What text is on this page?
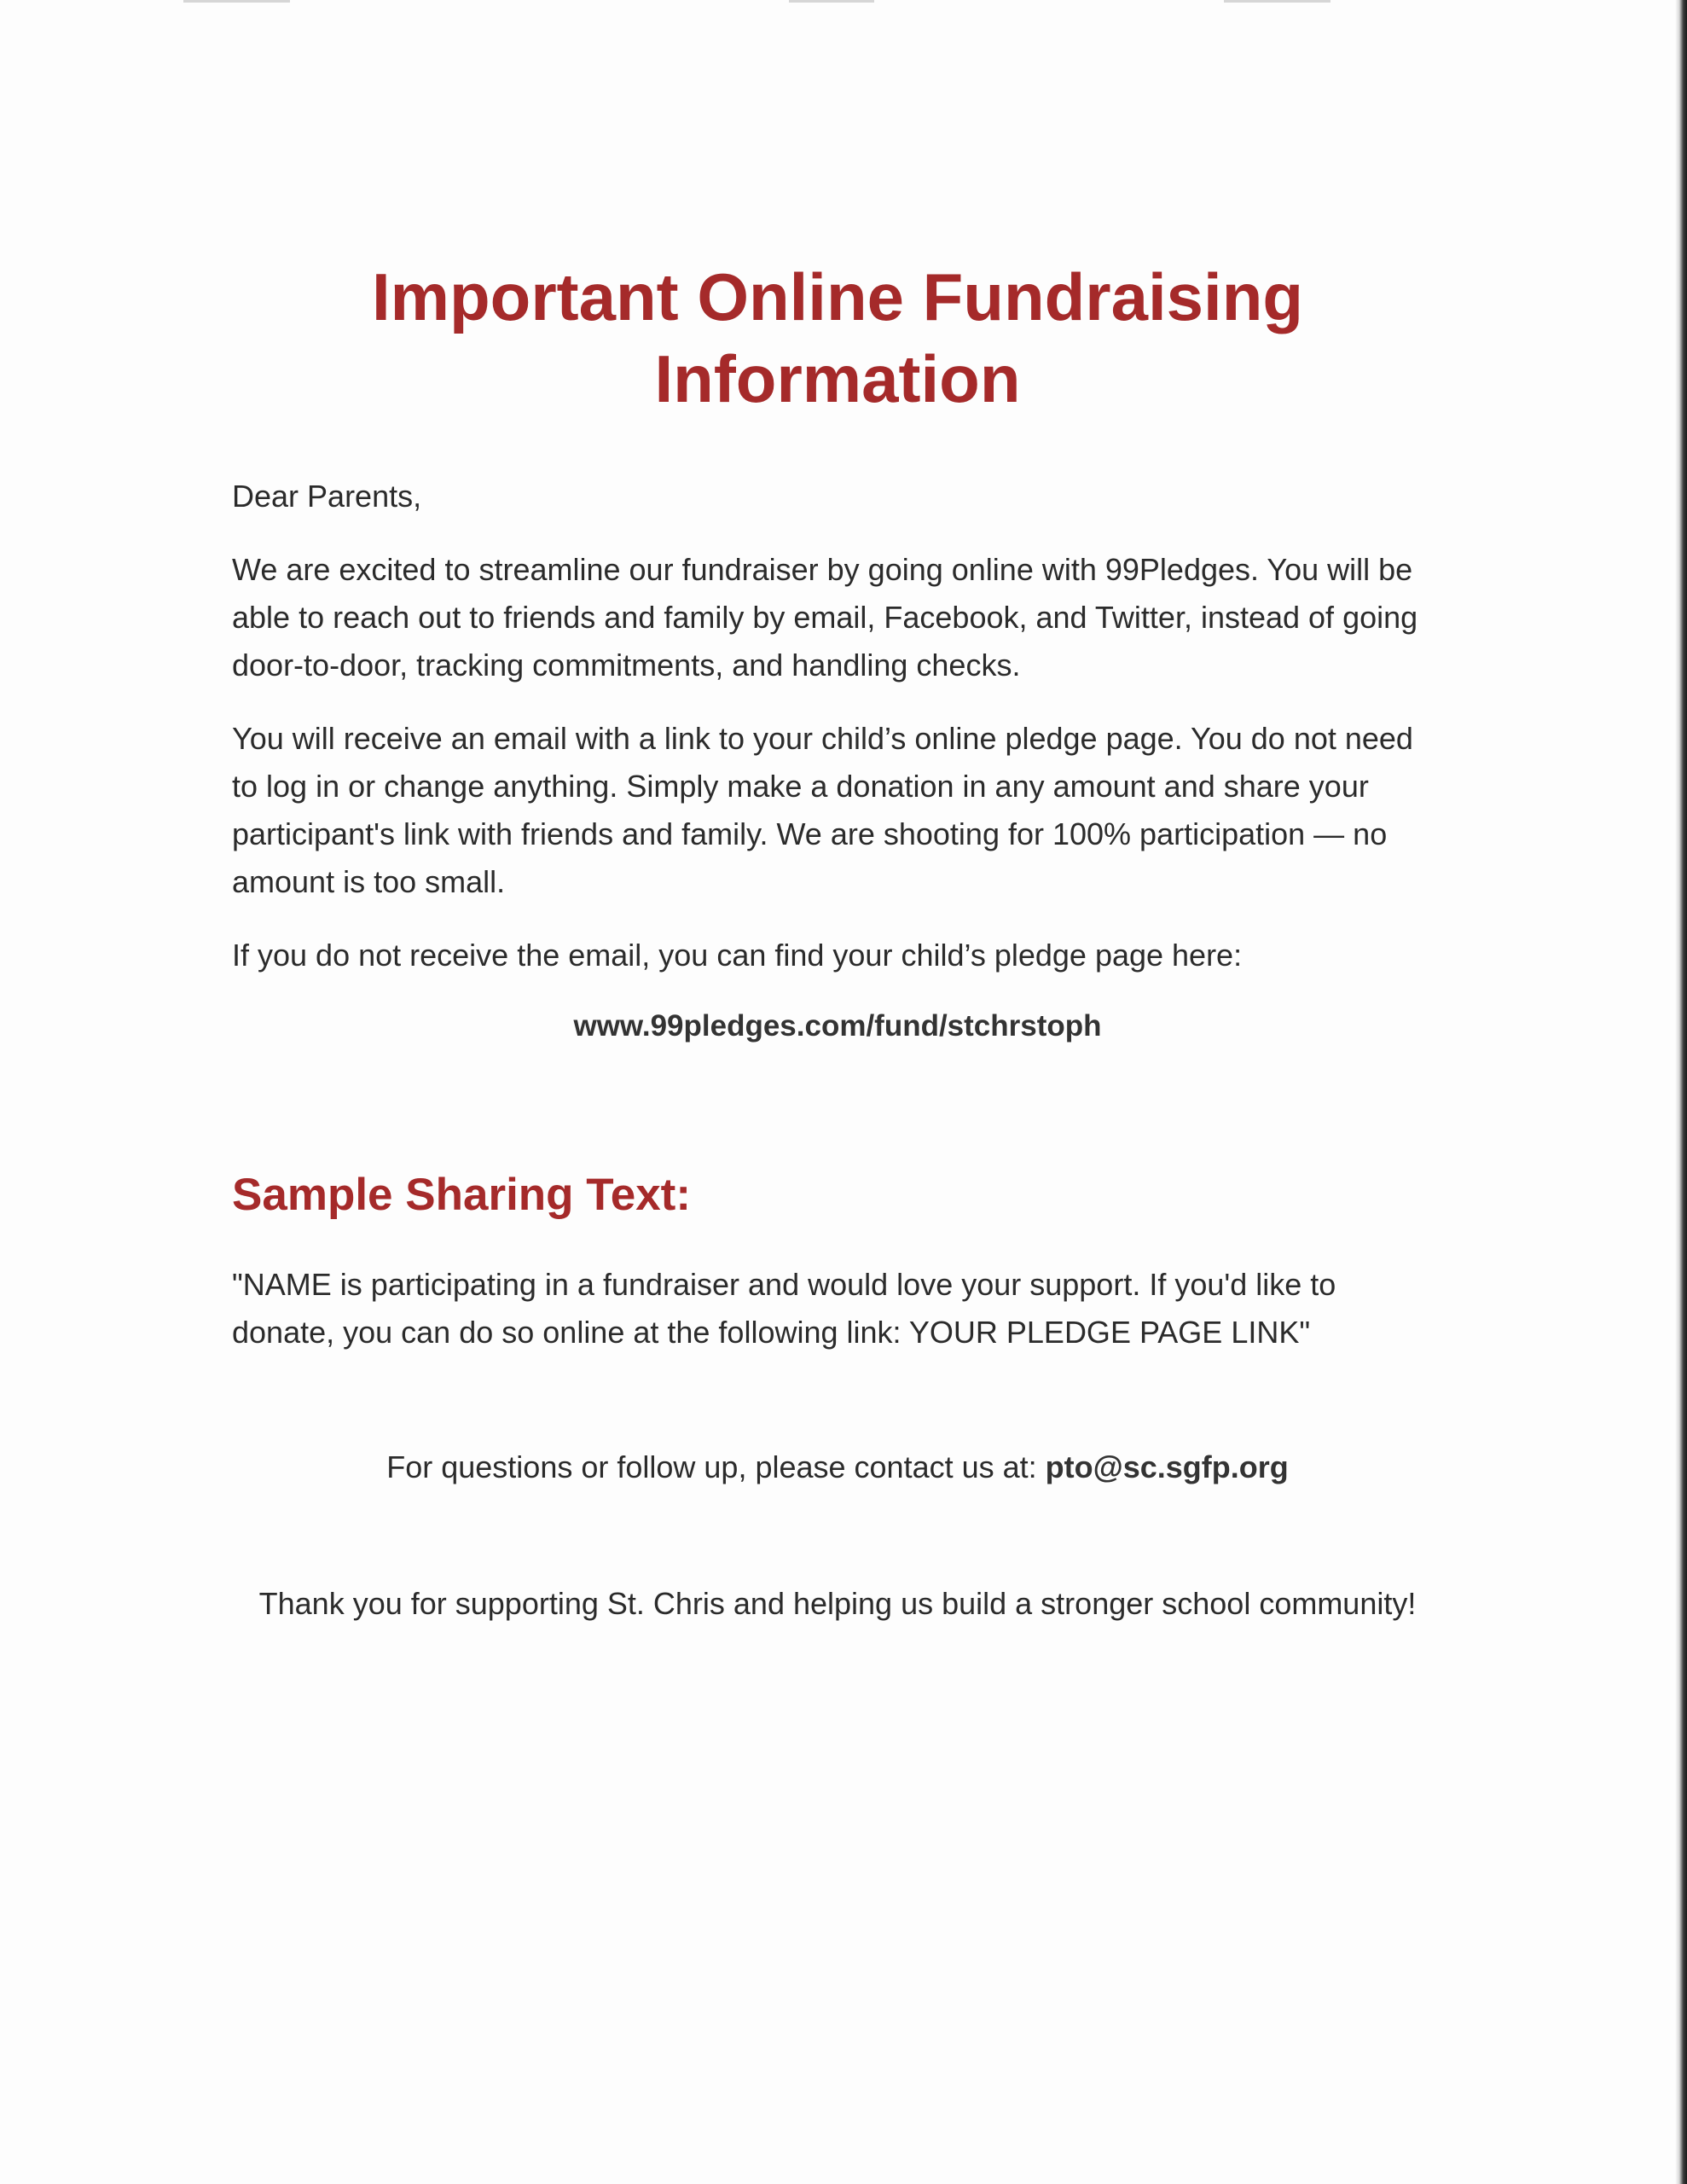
Important Online Fundraising
Information

Dear Parents,

We are excited to streamline our fundraiser by going online with 99Pledges. You will be able to reach out to friends and family by email, Facebook, and Twitter, instead of going door-to-door, tracking commitments, and handling checks.

You will receive an email with a link to your child’s online pledge page. You do not need to log in or change anything. Simply make a donation in any amount and share your participant's link with friends and family. We are shooting for 100% participation — no amount is too small.

If you do not receive the email, you can find your child’s pledge page here:

www.99pledges.com/fund/stchrstoph
Sample Sharing Text:

"NAME is participating in a fundraiser and would love your support. If you'd like to donate, you can do so online at the following link: YOUR PLEDGE PAGE LINK"

For questions or follow up, please contact us at: pto@sc.sgfp.org

Thank you for supporting St. Chris and helping us build a stronger school community!
